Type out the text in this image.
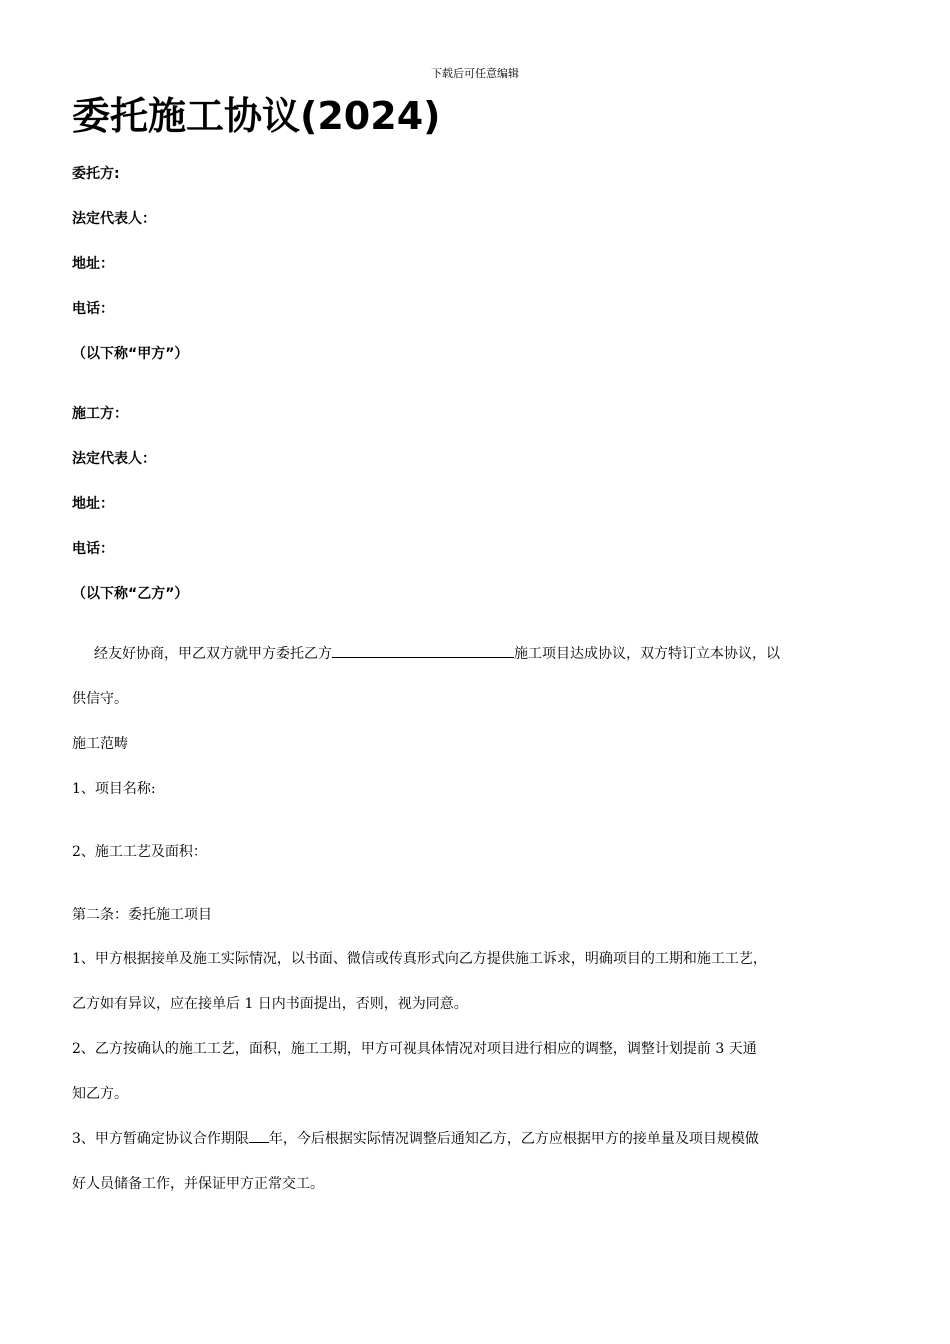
下载后可任意编辑
委托施工协议(2024)
委托方:
法定代表人：
地址：
电话：
（以下称“甲方”）
施工方：
法定代表人：
地址：
电话：
（以下称“乙方”）
经友好协商，甲乙双方就甲方委托乙方	施工项目达成协议，双方特订立本协议，以
供信守。
施工范畴
1、项目名称:
2、施工工艺及面积：
第二条：委托施工项目
1、甲方根据接单及施工实际情况，以书面、微信或传真形式向乙方提供施工诉求，明确项目的工期和施工工艺，
乙方如有异议，应在接单后 1 日内书面提出，否则，视为同意。
2、乙方按确认的施工工艺，面积，施工工期，甲方可视具体情况对项目进行相应的调整，调整计划提前 3 天通
知乙方。
3、甲方暂确定协议合作期限 年，今后根据实际情况调整后通知乙方，乙方应根据甲方的接单量及项目规模做
好人员储备工作，并保证甲方正常交工。
